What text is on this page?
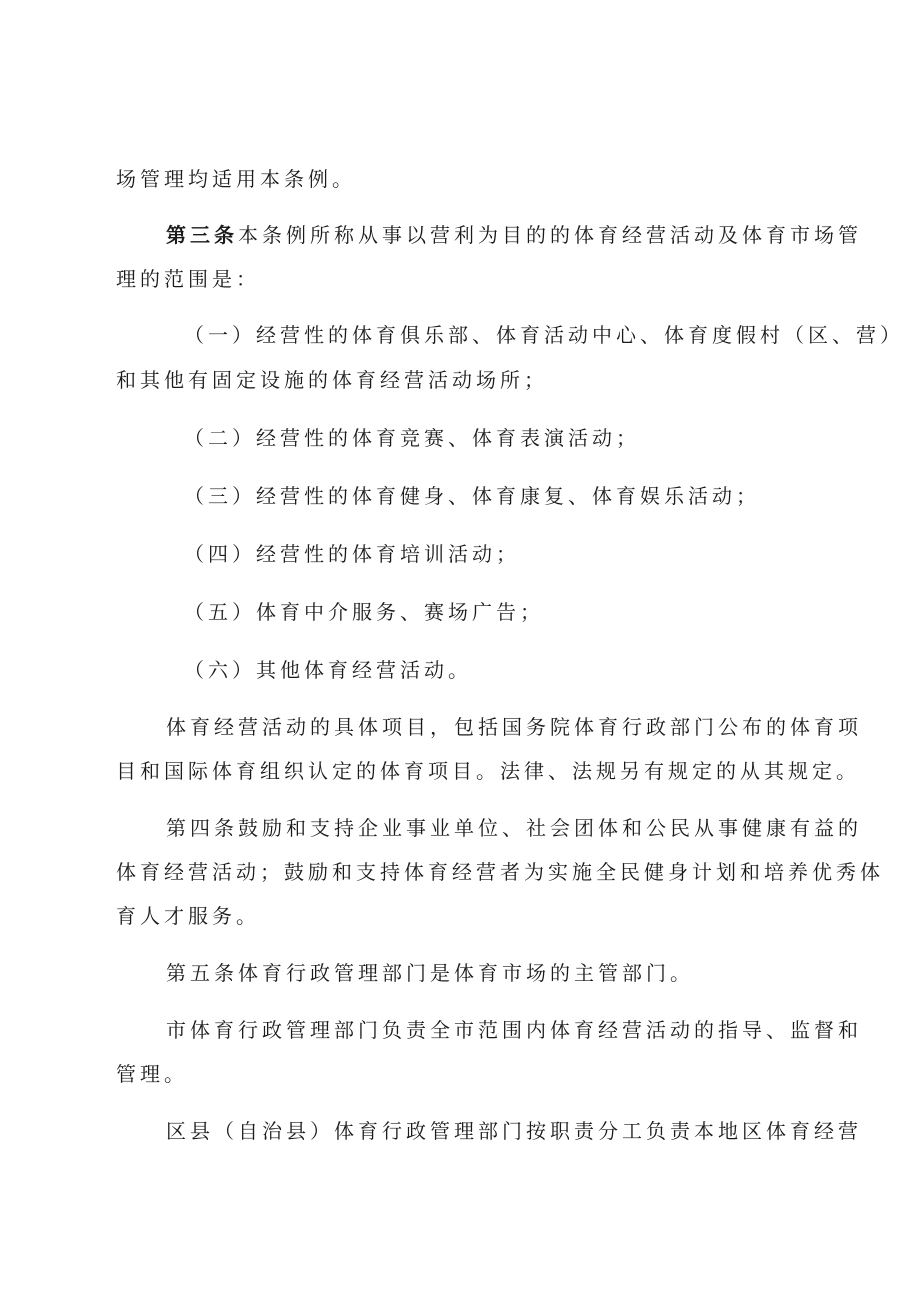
场管理均适用本条例。
第三条本条例所称从事以营利为目的的体育经营活动及体育市场管
理的范围是：
（一）经营性的体育俱乐部、体育活动中心、体育度假村（区、营）
和其他有固定设施的体育经营活动场所；
（二）经营性的体育竞赛、体育表演活动；
（三）经营性的体育健身、体育康复、体育娱乐活动；
（四）经营性的体育培训活动；
（五）体育中介服务、赛场广告；
（六）其他体育经营活动。
体育经营活动的具体项目，包括国务院体育行政部门公布的体育项
目和国际体育组织认定的体育项目。法律、法规另有规定的从其规定。
第四条鼓励和支持企业事业单位、社会团体和公民从事健康有益的
体育经营活动；鼓励和支持体育经营者为实施全民健身计划和培养优秀体
育人才服务。
第五条体育行政管理部门是体育市场的主管部门。
市体育行政管理部门负责全市范围内体育经营活动的指导、监督和
管理。
区县（自治县）体育行政管理部门按职责分工负责本地区体育经营
